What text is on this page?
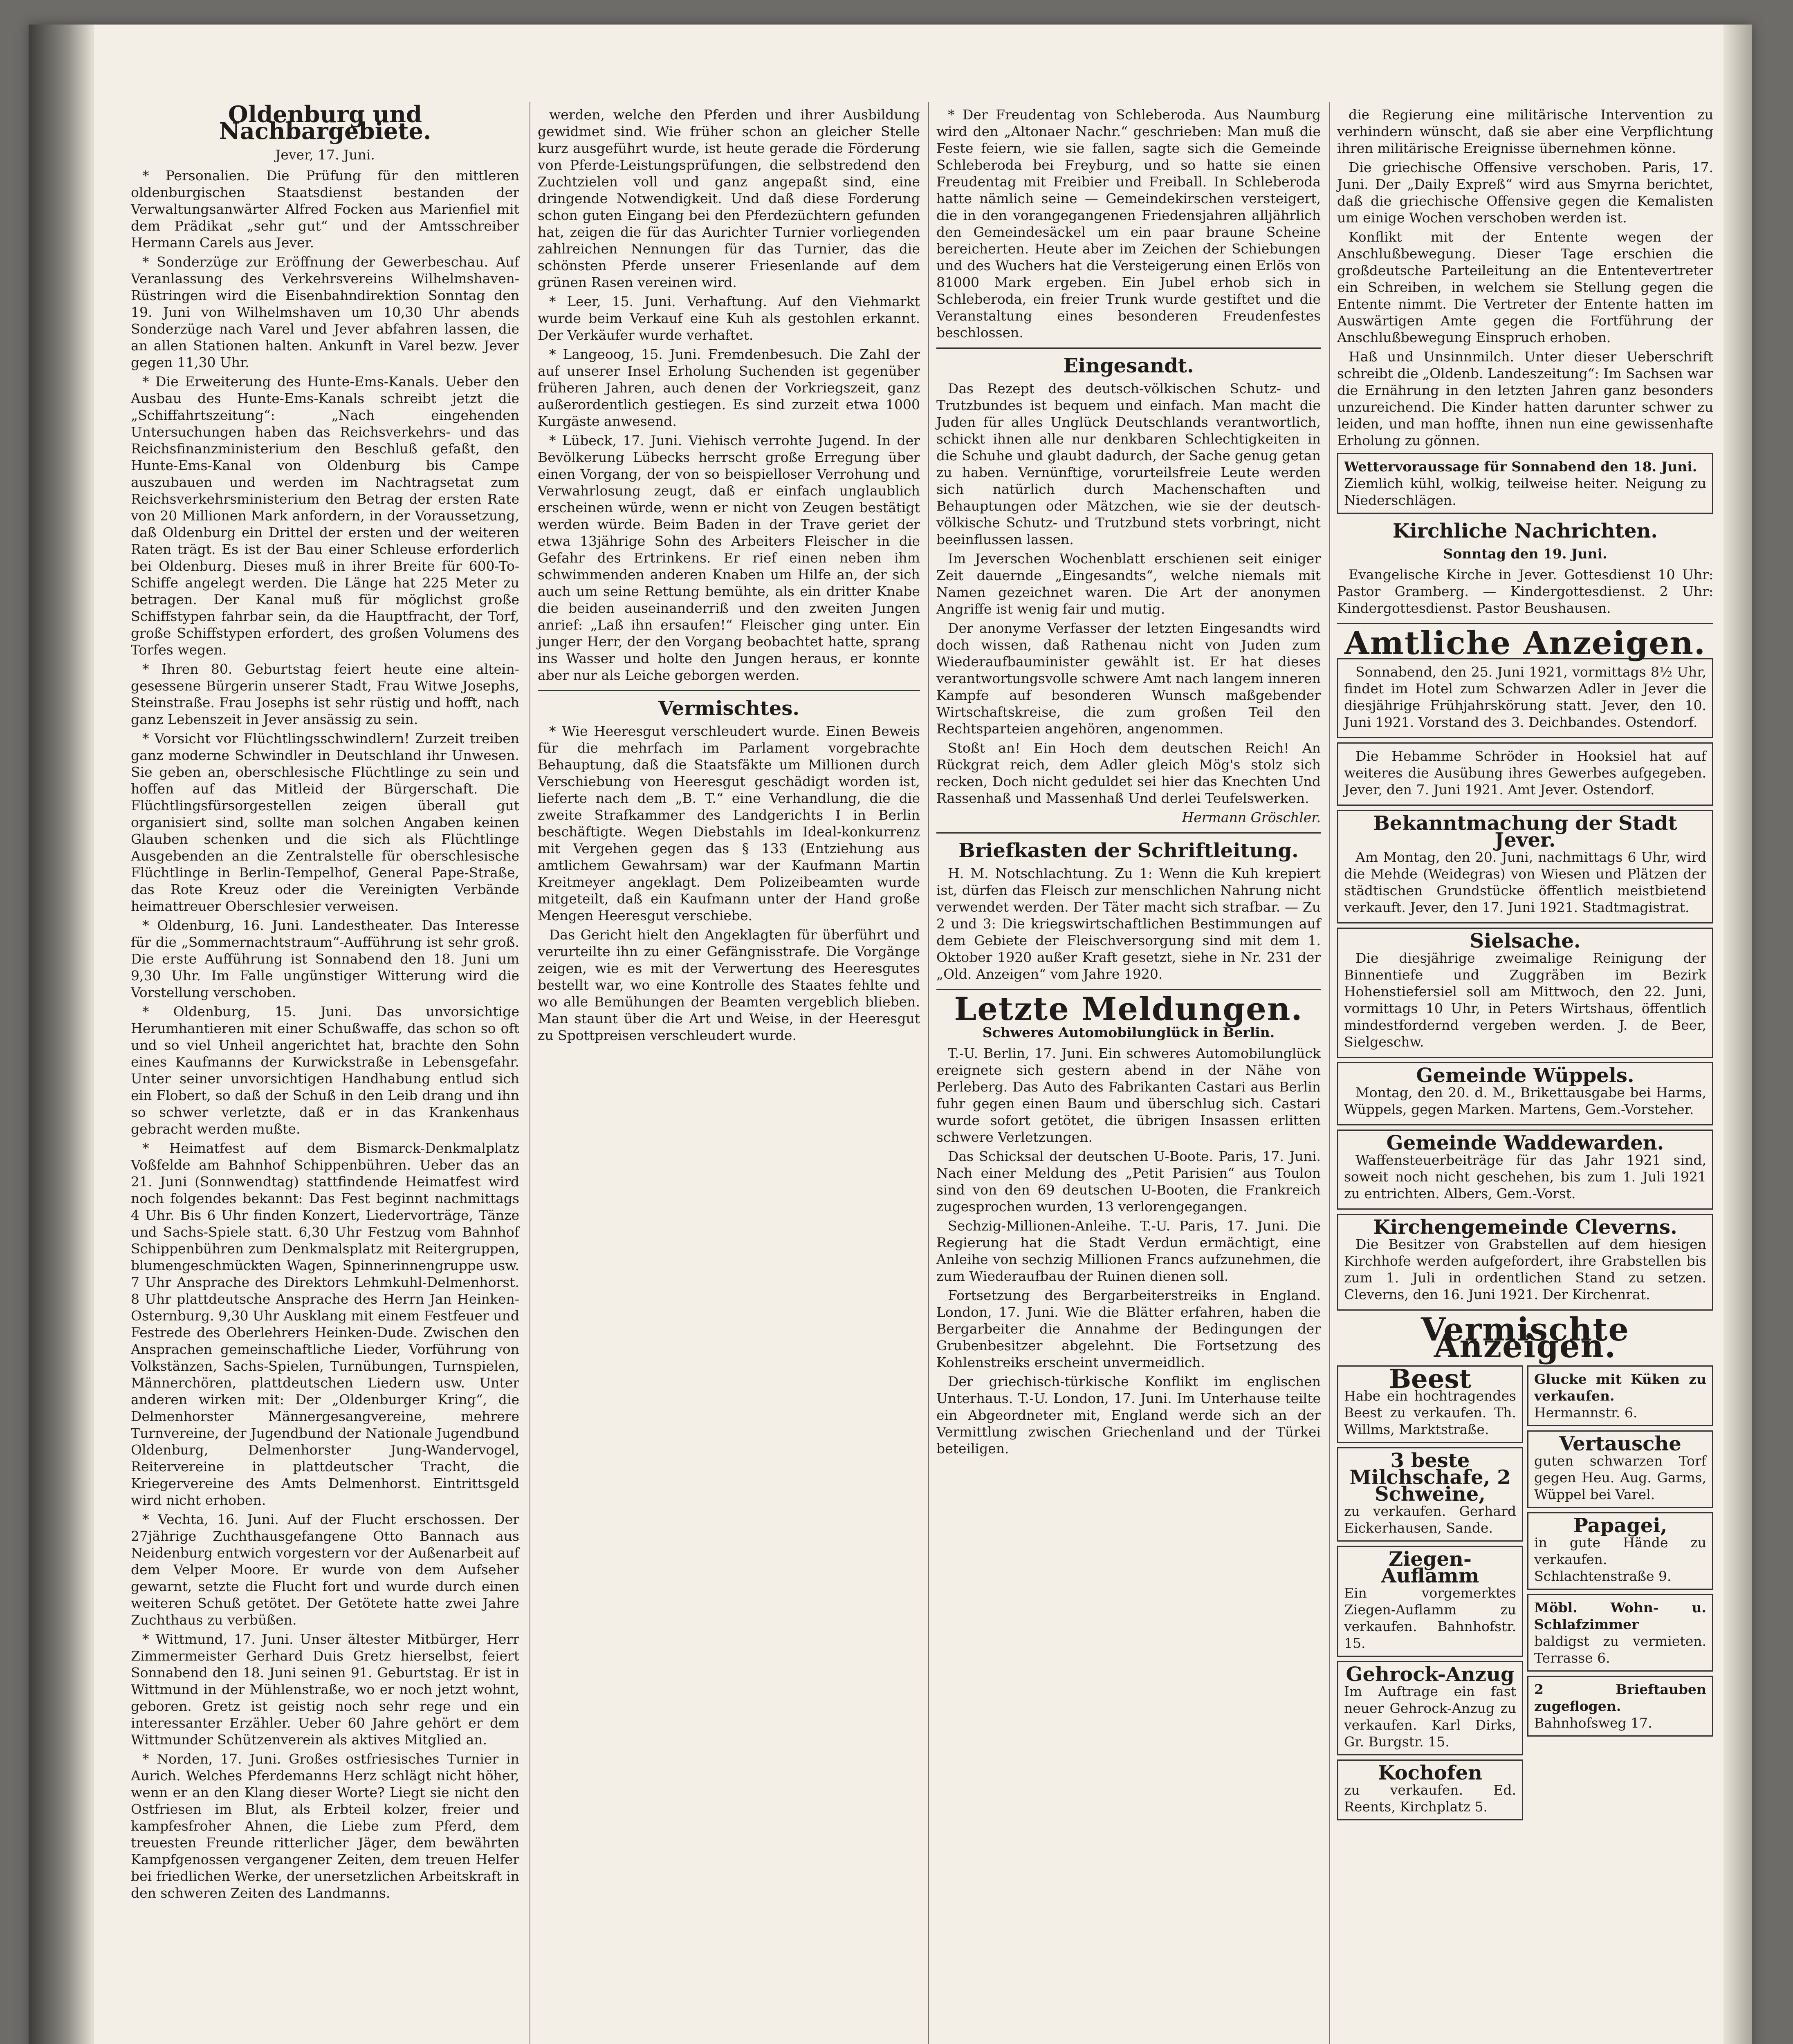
Oldenburg und Nachbargebiete.
Jever, 17. Juni.

* Personalien. Die Prüfung für den mittleren oldenburgischen Staatsdienst bestanden der Verwaltungsanwärter Alfred Focken aus Marienfiel mit dem Prädikat „sehr gut“ und der Amtsschreiber Hermann Carels aus Jever.

* Sonderzüge zur Eröffnung der Gewerbeschau. Auf Veranlassung des Verkehrsvereins Wilhelmshaven-Rüstringen wird die Eisenbahndirektion Sonntag den 19. Juni von Wilhelmshaven um 10,30 Uhr abends Sonderzüge nach Varel und Jever abfahren lassen, die an allen Stationen halten. Ankunft in Varel bezw. Jever gegen 11,30 Uhr.

* Die Erweiterung des Hunte-Ems-Kanals. Ueber den Ausbau des Hunte-Ems-Kanals schreibt jetzt die „Schiffahrtszeitung“: „Nach eingehenden Untersuchungen haben das Reichsverkehrs- und das Reichsfinanzministerium den Beschluß gefaßt, den Hunte-Ems-Kanal von Oldenburg bis Campe auszubauen und werden im Nachtragsetat zum Reichsverkehrsministerium den Betrag der ersten Rate von 20 Millionen Mark anfordern, in der Voraussetzung, daß Oldenburg ein Drittel der ersten und der weiteren Raten trägt. Es ist der Bau einer Schleuse erforderlich bei Oldenburg. Dieses muß in ihrer Breite für 600-To-Schiffe angelegt werden. Die Länge hat 225 Meter zu betragen. Der Kanal muß für möglichst große Schiffstypen fahrbar sein, da die Hauptfracht, der Torf, große Schiffstypen erfordert, des großen Volumens des Torfes wegen.

* Ihren 80. Geburtstag feiert heute eine altein-gesessene Bürgerin unserer Stadt, Frau Witwe Josephs, Steinstraße. Frau Josephs ist sehr rüstig und hofft, nach ganz Lebenszeit in Jever ansässig zu sein.

* Vorsicht vor Flüchtlingsschwindlern! Zurzeit treiben ganz moderne Schwindler in Deutschland ihr Unwesen. Sie geben an, oberschlesische Flüchtlinge zu sein und hoffen auf das Mitleid der Bürgerschaft. Die Flüchtlingsfürsorgestellen zeigen überall gut organisiert sind, sollte man solchen Angaben keinen Glauben schenken und die sich als Flüchtlinge Ausgebenden an die Zentralstelle für oberschlesische Flüchtlinge in Berlin-Tempelhof, General Pape-Straße, das Rote Kreuz oder die Vereinigten Verbände heimattreuer Oberschlesier verweisen.

* Oldenburg, 16. Juni. Landestheater. Das Interesse für die „Sommernachtstraum“-Aufführung ist sehr groß. Die erste Aufführung ist Sonnabend den 18. Juni um 9,30 Uhr. Im Falle ungünstiger Witterung wird die Vorstellung verschoben.

* Oldenburg, 15. Juni. Das unvorsichtige Herumhantieren mit einer Schußwaffe, das schon so oft und so viel Unheil angerichtet hat, brachte den Sohn eines Kaufmanns der Kurwickstraße in Lebensgefahr. Unter seiner unvorsichtigen Handhabung entlud sich ein Flobert, so daß der Schuß in den Leib drang und ihn so schwer verletzte, daß er in das Krankenhaus gebracht werden mußte.

* Heimatfest auf dem Bismarck-Denkmalplatz Voßfelde am Bahnhof Schippenbühren. Ueber das an 21. Juni (Sonnwendtag) stattfindende Heimatfest wird noch folgendes bekannt: Das Fest beginnt nachmittags 4 Uhr. Bis 6 Uhr finden Konzert, Liedervorträge, Tänze und Sachs-Spiele statt. 6,30 Uhr Festzug vom Bahnhof Schippenbühren zum Denkmalsplatz mit Reitergruppen, blumengeschmückten Wagen, Spinnerinnengruppe usw. 7 Uhr Ansprache des Direktors Lehmkuhl-Delmenhorst. 8 Uhr plattdeutsche Ansprache des Herrn Jan Heinken-Osternburg. 9,30 Uhr Ausklang mit einem Festfeuer und Festrede des Oberlehrers Heinken-Dude. Zwischen den Ansprachen gemeinschaftliche Lieder, Vorführung von Volkstänzen, Sachs-Spielen, Turnübungen, Turnspielen, Männerchören, plattdeutschen Liedern usw. Unter anderen wirken mit: Der „Oldenburger Kring“, die Delmenhorster Männergesangvereine, mehrere Turnvereine, der Jugendbund der Nationale Jugendbund Oldenburg, Delmenhorster Jung-Wandervogel, Reitervereine in plattdeutscher Tracht, die Kriegervereine des Amts Delmenhorst. Eintrittsgeld wird nicht erhoben.

* Vechta, 16. Juni. Auf der Flucht erschossen. Der 27jährige Zuchthausgefangene Otto Bannach aus Neidenburg entwich vorgestern vor der Außenarbeit auf dem Velper Moore. Er wurde von dem Aufseher gewarnt, setzte die Flucht fort und wurde durch einen weiteren Schuß getötet. Der Getötete hatte zwei Jahre Zuchthaus zu verbüßen.

* Wittmund, 17. Juni. Unser ältester Mitbürger, Herr Zimmermeister Gerhard Duis Gretz hierselbst, feiert Sonnabend den 18. Juni seinen 91. Geburtstag. Er ist in Wittmund in der Mühlenstraße, wo er noch jetzt wohnt, geboren. Gretz ist geistig noch sehr rege und ein interessanter Erzähler. Ueber 60 Jahre gehört er dem Wittmunder Schützenverein als aktives Mitglied an.

* Norden, 17. Juni. Großes ostfriesisches Turnier in Aurich. Welches Pferdemanns Herz schlägt nicht höher, wenn er an den Klang dieser Worte? Liegt sie nicht den Ostfriesen im Blut, als Erbteil kolzer, freier und kampfesfroher Ahnen, die Liebe zum Pferd, dem treuesten Freunde ritterlicher Jäger, dem bewährten Kampfgenossen vergangener Zeiten, dem treuen Helfer bei friedlichen Werke, der unersetzlichen Arbeitskraft in den schweren Zeiten des Landmanns.

werden, welche den Pferden und ihrer Ausbildung gewidmet sind. Wie früher schon an gleicher Stelle kurz ausgeführt wurde, ist heute gerade die Förderung von Pferde-Leistungsprüfungen, die selbstredend den Zuchtzielen voll und ganz angepaßt sind, eine dringende Notwendigkeit. Und daß diese Forderung schon guten Eingang bei den Pferdezüchtern gefunden hat, zeigen die für das Aurichter Turnier vorliegenden zahlreichen Nennungen für das Turnier, das die schönsten Pferde unserer Friesenlande auf dem grünen Rasen vereinen wird.

* Leer, 15. Juni. Verhaftung. Auf den Viehmarkt wurde beim Verkauf eine Kuh als gestohlen erkannt. Der Verkäufer wurde verhaftet.

* Langeoog, 15. Juni. Fremdenbesuch. Die Zahl der auf unserer Insel Erholung Suchenden ist gegenüber früheren Jahren, auch denen der Vorkriegszeit, ganz außerordentlich gestiegen. Es sind zurzeit etwa 1000 Kurgäste anwesend.

* Lübeck, 17. Juni. Viehisch verrohte Jugend. In der Bevölkerung Lübecks herrscht große Erregung über einen Vorgang, der von so beispielloser Verrohung und Verwahrlosung zeugt, daß er einfach unglaublich erscheinen würde, wenn er nicht von Zeugen bestätigt werden würde. Beim Baden in der Trave geriet der etwa 13jährige Sohn des Arbeiters Fleischer in die Gefahr des Ertrinkens. Er rief einen neben ihm schwimmenden anderen Knaben um Hilfe an, der sich auch um seine Rettung bemühte, als ein dritter Knabe die beiden auseinanderriß und den zweiten Jungen anrief: „Laß ihn ersaufen!“ Fleischer ging unter. Ein junger Herr, der den Vorgang beobachtet hatte, sprang ins Wasser und holte den Jungen heraus, er konnte aber nur als Leiche geborgen werden.

Vermischtes.

* Wie Heeresgut verschleudert wurde. Einen Beweis für die mehrfach im Parlament vorgebrachte Behauptung, daß die Staatsfäkte um Millionen durch Verschiebung von Heeresgut geschädigt worden ist, lieferte nach dem „B. T.“ eine Verhandlung, die die zweite Strafkammer des Landgerichts I in Berlin beschäftigte. Wegen Diebstahls im Ideal-konkurrenz mit Vergehen gegen das § 133 (Entziehung aus amtlichem Gewahrsam) war der Kaufmann Martin Kreitmeyer angeklagt. Dem Polizeibeamten wurde mitgeteilt, daß ein Kaufmann unter der Hand große Mengen Heeresgut verschiebe.

Das Gericht hielt den Angeklagten für überführt und verurteilte ihn zu einer Gefängnisstrafe. Die Vorgänge zeigen, wie es mit der Verwertung des Heeresgutes bestellt war, wo eine Kontrolle des Staates fehlte und wo alle Bemühungen der Beamten vergeblich blieben. Man staunt über die Art und Weise, in der Heeresgut zu Spottpreisen verschleudert wurde.

* Der Freudentag von Schleberoda. Aus Naumburg wird den „Altonaer Nachr.“ geschrieben: Man muß die Feste feiern, wie sie fallen, sagte sich die Gemeinde Schleberoda bei Freyburg, und so hatte sie einen Freudentag mit Freibier und Freiball. In Schleberoda hatte nämlich seine — Gemeindekirschen versteigert, die in den vorangegangenen Friedensjahren alljährlich den Gemeindesäckel um ein paar braune Scheine bereicherten. Heute aber im Zeichen der Schiebungen und des Wuchers hat die Versteigerung einen Erlös von 81000 Mark ergeben. Ein Jubel erhob sich in Schleberoda, ein freier Trunk wurde gestiftet und die Veranstaltung eines besonderen Freudenfestes beschlossen.

Eingesandt.

Das Rezept des deutsch-völkischen Schutz- und Trutzbundes ist bequem und einfach. Man macht die Juden für alles Unglück Deutschlands verantwortlich, schickt ihnen alle nur denkbaren Schlechtigkeiten in die Schuhe und glaubt dadurch, der Sache genug getan zu haben. Vernünftige, vorurteilsfreie Leute werden sich natürlich durch Machenschaften und Behauptungen oder Mätzchen, wie sie der deutsch-völkische Schutz- und Trutzbund stets vorbringt, nicht beeinflussen lassen.

Im Jeverschen Wochenblatt erschienen seit einiger Zeit dauernde „Eingesandts“, welche niemals mit Namen gezeichnet waren. Die Art der anonymen Angriffe ist wenig fair und mutig.

Der anonyme Verfasser der letzten Eingesandts wird doch wissen, daß Rathenau nicht von Juden zum Wiederaufbauminister gewählt ist. Er hat dieses verantwortungsvolle schwere Amt nach langem inneren Kampfe auf besonderen Wunsch maßgebender Wirtschaftskreise, die zum großen Teil den Rechtsparteien angehören, angenommen.

Stoßt an! Ein Hoch dem deutschen Reich! An Rückgrat reich, dem Adler gleich Mög's stolz sich recken, Doch nicht geduldet sei hier das Knechten Und Rassenhaß und Massenhaß Und derlei Teufelswerken.

Hermann Gröschler.
Briefkasten der Schriftleitung.

H. M. Notschlachtung. Zu 1: Wenn die Kuh krepiert ist, dürfen das Fleisch zur menschlichen Nahrung nicht verwendet werden. Der Täter macht sich strafbar. — Zu 2 und 3: Die kriegswirtschaftlichen Bestimmungen auf dem Gebiete der Fleischversorgung sind mit dem 1. Oktober 1920 außer Kraft gesetzt, siehe in Nr. 231 der „Old. Anzeigen“ vom Jahre 1920.

Letzte Meldungen.
Schweres Automobilunglück in Berlin.

T.-U. Berlin, 17. Juni. Ein schweres Automobilunglück ereignete sich gestern abend in der Nähe von Perleberg. Das Auto des Fabrikanten Castari aus Berlin fuhr gegen einen Baum und überschlug sich. Castari wurde sofort getötet, die übrigen Insassen erlitten schwere Verletzungen.

Das Schicksal der deutschen U-Boote. Paris, 17. Juni. Nach einer Meldung des „Petit Parisien“ aus Toulon sind von den 69 deutschen U-Booten, die Frankreich zugesprochen wurden, 13 verlorengegangen.

Sechzig-Millionen-Anleihe. T.-U. Paris, 17. Juni. Die Regierung hat die Stadt Verdun ermächtigt, eine Anleihe von sechzig Millionen Francs aufzunehmen, die zum Wiederaufbau der Ruinen dienen soll.

Fortsetzung des Bergarbeiterstreiks in England. London, 17. Juni. Wie die Blätter erfahren, haben die Bergarbeiter die Annahme der Bedingungen der Grubenbesitzer abgelehnt. Die Fortsetzung des Kohlenstreiks erscheint unvermeidlich.

Der griechisch-türkische Konflikt im englischen Unterhaus. T.-U. London, 17. Juni. Im Unterhause teilte ein Abgeordneter mit, England werde sich an der Vermittlung zwischen Griechenland und der Türkei beteiligen.

die Regierung eine militärische Intervention zu verhindern wünscht, daß sie aber eine Verpflichtung ihren militärische Ereignisse übernehmen könne.

Die griechische Offensive verschoben. Paris, 17. Juni. Der „Daily Expreß“ wird aus Smyrna berichtet, daß die griechische Offensive gegen die Kemalisten um einige Wochen verschoben werden ist.

Konflikt mit der Entente wegen der Anschlußbewegung. Dieser Tage erschien die großdeutsche Parteileitung an die Ententevertreter ein Schreiben, in welchem sie Stellung gegen die Entente nimmt. Die Vertreter der Entente hatten im Auswärtigen Amte gegen die Fortführung der Anschlußbewegung Einspruch erhoben.

Haß und Unsinnmilch. Unter dieser Ueberschrift schreibt die „Oldenb. Landeszeitung“: Im Sachsen war die Ernährung in den letzten Jahren ganz besonders unzureichend. Die Kinder hatten darunter schwer zu leiden, und man hoffte, ihnen nun eine gewissenhafte Erholung zu gönnen.

Wettervoraussage für Sonnabend den 18. Juni.
Ziemlich kühl, wolkig, teilweise heiter. Neigung zu Niederschlägen.
Kirchliche Nachrichten.
Sonntag den 19. Juni.

Evangelische Kirche in Jever. Gottesdienst 10 Uhr: Pastor Gramberg. — Kindergottesdienst. 2 Uhr: Kindergottesdienst. Pastor Beushausen.

Amtliche Anzeigen.

Sonnabend, den 25. Juni 1921, vormittags 8½ Uhr, findet im Hotel zum Schwarzen Adler in Jever die diesjährige Frühjahrskörung statt. Jever, den 10. Juni 1921. Vorstand des 3. Deichbandes. Ostendorf.

Die Hebamme Schröder in Hooksiel hat auf weiteres die Ausübung ihres Gewerbes aufgegeben. Jever, den 7. Juni 1921. Amt Jever. Ostendorf.

Bekanntmachung der Stadt Jever.

Am Montag, den 20. Juni, nachmittags 6 Uhr, wird die Mehde (Weidegras) von Wiesen und Plätzen der städtischen Grundstücke öffentlich meistbietend verkauft. Jever, den 17. Juni 1921. Stadtmagistrat.

Sielsache.

Die diesjährige zweimalige Reinigung der Binnentiefe und Zuggräben im Bezirk Hohenstiefersiel soll am Mittwoch, den 22. Juni, vormittags 10 Uhr, in Peters Wirtshaus, öffentlich mindestfordernd vergeben werden. J. de Beer, Sielgeschw.

Gemeinde Wüppels.

Montag, den 20. d. M., Brikettausgabe bei Harms, Wüppels, gegen Marken. Martens, Gem.-Vorsteher.

Gemeinde Waddewarden.

Waffensteuerbeiträge für das Jahr 1921 sind, soweit noch nicht geschehen, bis zum 1. Juli 1921 zu entrichten. Albers, Gem.-Vorst.

Kirchengemeinde Cleverns.

Die Besitzer von Grabstellen auf dem hiesigen Kirchhofe werden aufgefordert, ihre Grabstellen bis zum 1. Juli in ordentlichen Stand zu setzen. Cleverns, den 16. Juni 1921. Der Kirchenrat.

Vermischte Anzeigen.
Beest
Habe ein hochtragendes Beest zu verkaufen. Th. Willms, Marktstraße.
3 beste Milchschafe, 2 Schweine,
zu verkaufen. Gerhard Eickerhausen, Sande.
Ziegen-Auflamm
Ein vorgemerktes Ziegen-Auflamm zu verkaufen. Bahnhofstr. 15.
Gehrock-Anzug
Im Auftrage ein fast neuer Gehrock-Anzug zu verkaufen. Karl Dirks, Gr. Burgstr. 15.
Kochofen
zu verkaufen. Ed. Reents, Kirchplatz 5.
Glucke mit Küken zu verkaufen.
Hermannstr. 6.
Vertausche
guten schwarzen Torf gegen Heu. Aug. Garms, Wüppel bei Varel.
Papagei,
in gute Hände zu verkaufen. Schlachtenstraße 9.
Möbl. Wohn- u. Schlafzimmer
baldigst zu vermieten. Terrasse 6.
2 Brieftauben zugeflogen.
Bahnhofsweg 17.
